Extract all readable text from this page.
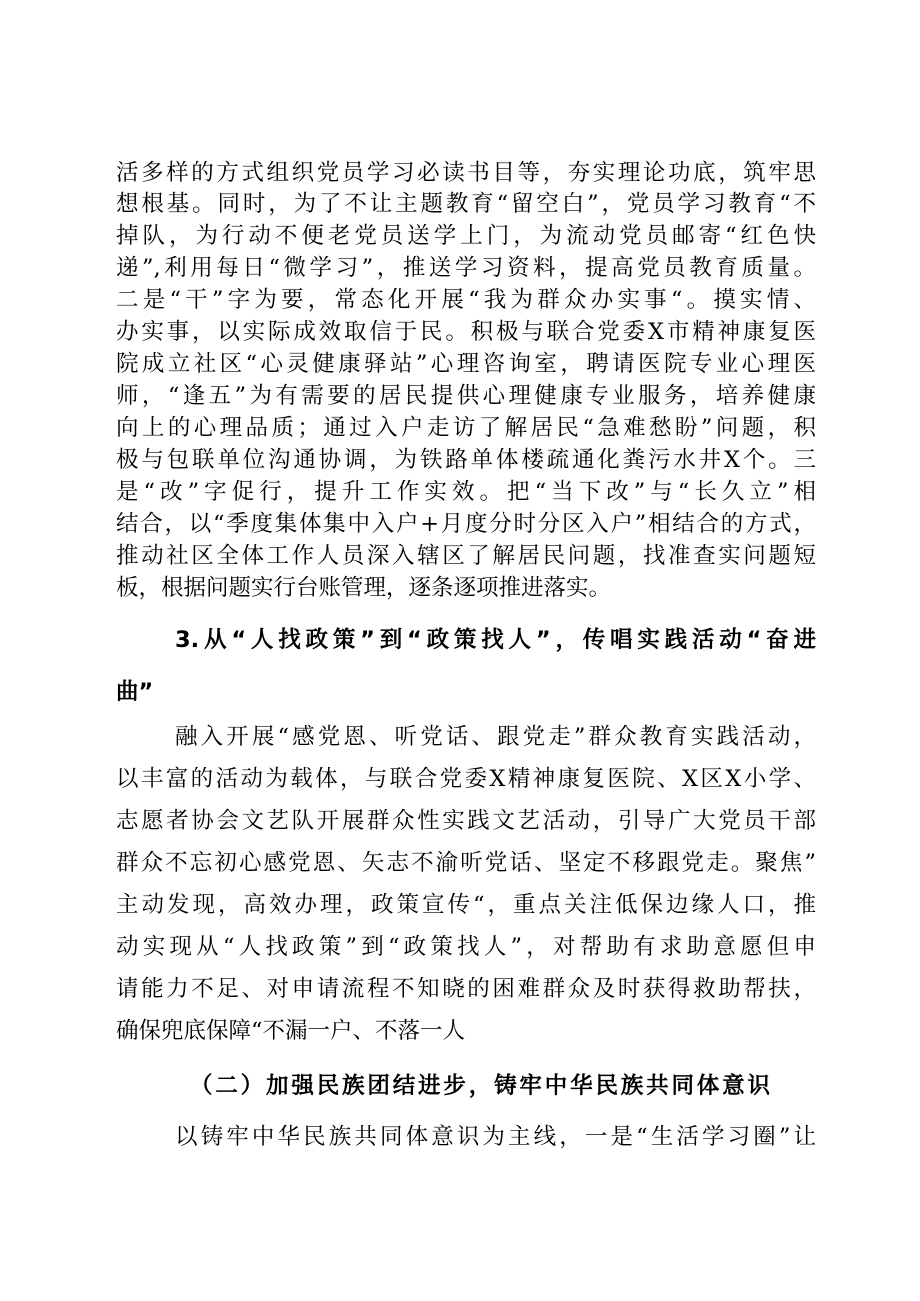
活多样的方式组织党员学习必读书目等，夯实理论功底，筑牢思
想根基。同时，为了不让主题教育“留空白”，党员学习教育“不
掉队，为行动不便老党员送学上门，为流动党员邮寄“红色快
递”,利用每日“微学习”，推送学习资料，提高党员教育质量。
二是“干”字为要，常态化开展“我为群众办实事“。摸实情、
办实事，以实际成效取信于民。积极与联合党委X市精神康复医
院成立社区“心灵健康驿站”心理咨询室，聘请医院专业心理医
师，“逢五”为有需要的居民提供心理健康专业服务，培养健康
向上的心理品质；通过入户走访了解居民“急难愁盼”问题，积
极与包联单位沟通协调，为铁路单体楼疏通化粪污水井X个。三
是“改”字促行，提升工作实效。把“当下改”与“长久立”相
结合，以“季度集体集中入户+月度分时分区入户”相结合的方式，
推动社区全体工作人员深入辖区了解居民问题，找准查实问题短
板，根据问题实行台账管理，逐条逐项推进落实。
3.从“人找政策”到“政策找人”，传唱实践活动“奋进
曲”
融入开展“感党恩、听党话、跟党走”群众教育实践活动，
以丰富的活动为载体，与联合党委X精神康复医院、X区X小学、
志愿者协会文艺队开展群众性实践文艺活动，引导广大党员干部
群众不忘初心感党恩、矢志不渝听党话、坚定不移跟党走。聚焦”
主动发现，高效办理，政策宣传“，重点关注低保边缘人口，推
动实现从“人找政策”到“政策找人”，对帮助有求助意愿但申
请能力不足、对申请流程不知晓的困难群众及时获得救助帮扶，
确保兜底保障“不漏一户、不落一人
（二）加强民族团结进步，铸牢中华民族共同体意识
以铸牢中华民族共同体意识为主线，一是“生活学习圈”让
